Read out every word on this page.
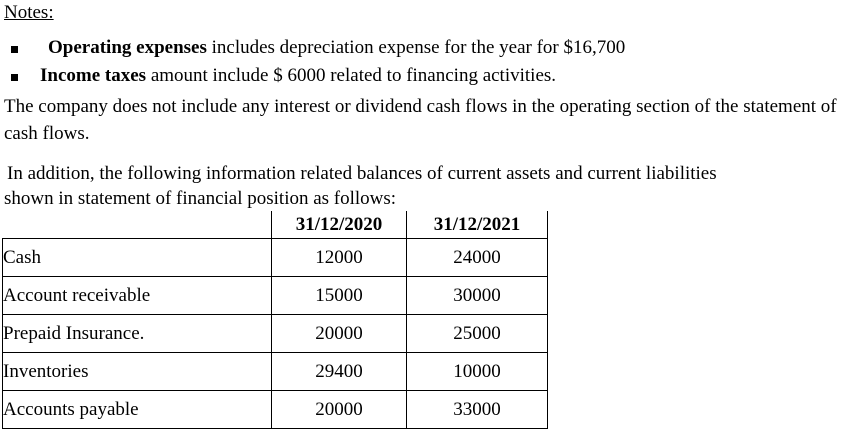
Notes:

Operating expenses includes depreciation expense for the year for $16,700
Income taxes amount include $ 6000 related to financing activities.

The company does not include any interest or dividend cash flows in the operating section of the statement of cash flows.

In addition, the following information related balances of current assets and current liabilities
shown in statement of financial position as follows:
	31/12/2020	31/12/2021
Cash	12000	24000
Account receivable	15000	30000
Prepaid Insurance.	20000	25000
Inventories	29400	10000
Accounts payable	20000	33000
